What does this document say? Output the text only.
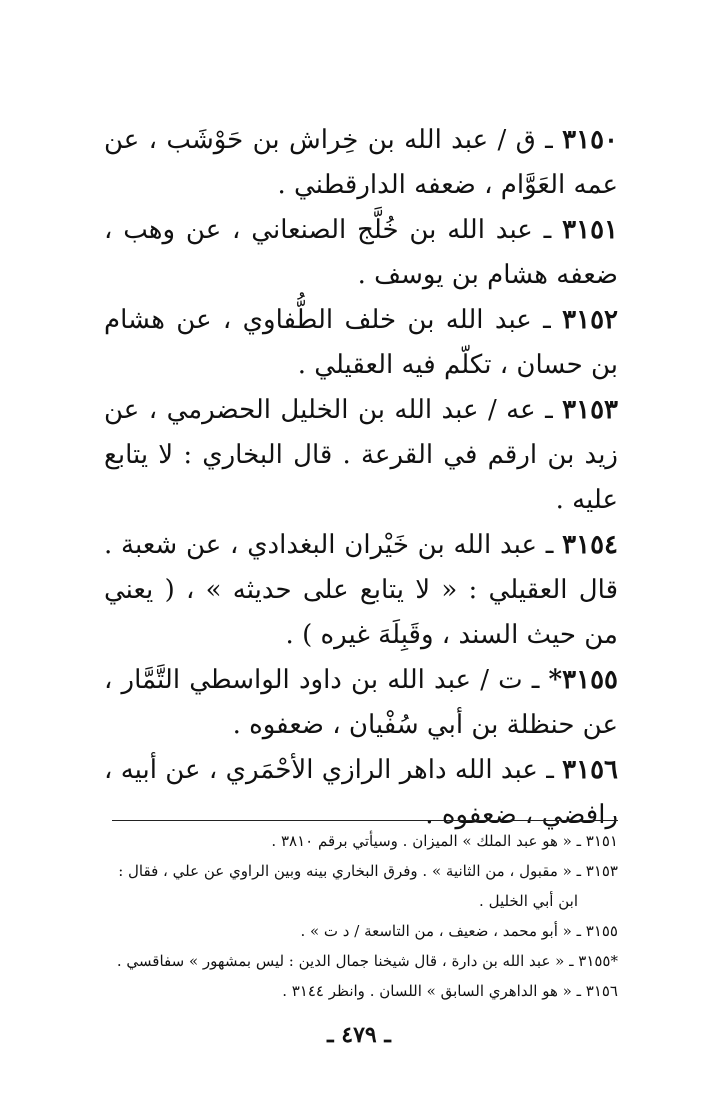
٣١٥٠ ـ ق / عبد الله بن خِراش بن حَوْشَب ، عن عمه العَوَّام ، ضعفه الدارقطني .

٣١٥١ ـ عبد الله بن خُلَّج الصنعاني ، عن وهب ، ضعفه هشام بن يوسف .

٣١٥٢ ـ عبد الله بن خلف الطُّفاوي ، عن هشام بن حسان ، تكلّم فيه العقيلي .

٣١٥٣ ـ عه / عبد الله بن الخليل الحضرمي ، عن زيد بن ارقم في القرعة . قال البخاري : لا يتابع عليه .

٣١٥٤ ـ عبد الله بن خَيْران البغدادي ، عن شعبة . قال العقيلي : « لا يتابع على حديثه » ، ( يعني من حيث السند ، وقَبِلَهَ غيره ) .

٣١٥٥* ـ ت / عبد الله بن داود الواسطي التَّمَّار ، عن حنظلة بن أبي سُفْيان ، ضعفوه .

٣١٥٦ ـ عبد الله داهر الرازي الأحْمَري ، عن أبيه ، رافضي ، ضعفوه .

٣١٥١ ـ « هو عبد الملك » الميزان . وسيأتي برقم ٣٨١٠ .

٣١٥٣ ـ « مقبول ، من الثانية » . وفرق البخاري بينه وبين الراوي عن علي ، فقال :

ابن أبي الخليل .

٣١٥٥ ـ « أبو محمد ، ضعيف ، من التاسعة / د ت » .

*٣١٥٥ ـ « عبد الله بن دارة ، قال شيخنا جمال الدين : ليس بمشهور » سفاقسي .

٣١٥٦ ـ « هو الداهري السابق » اللسان . وانظر ٣١٤٤ .

ـ ٤٧٩ ـ
